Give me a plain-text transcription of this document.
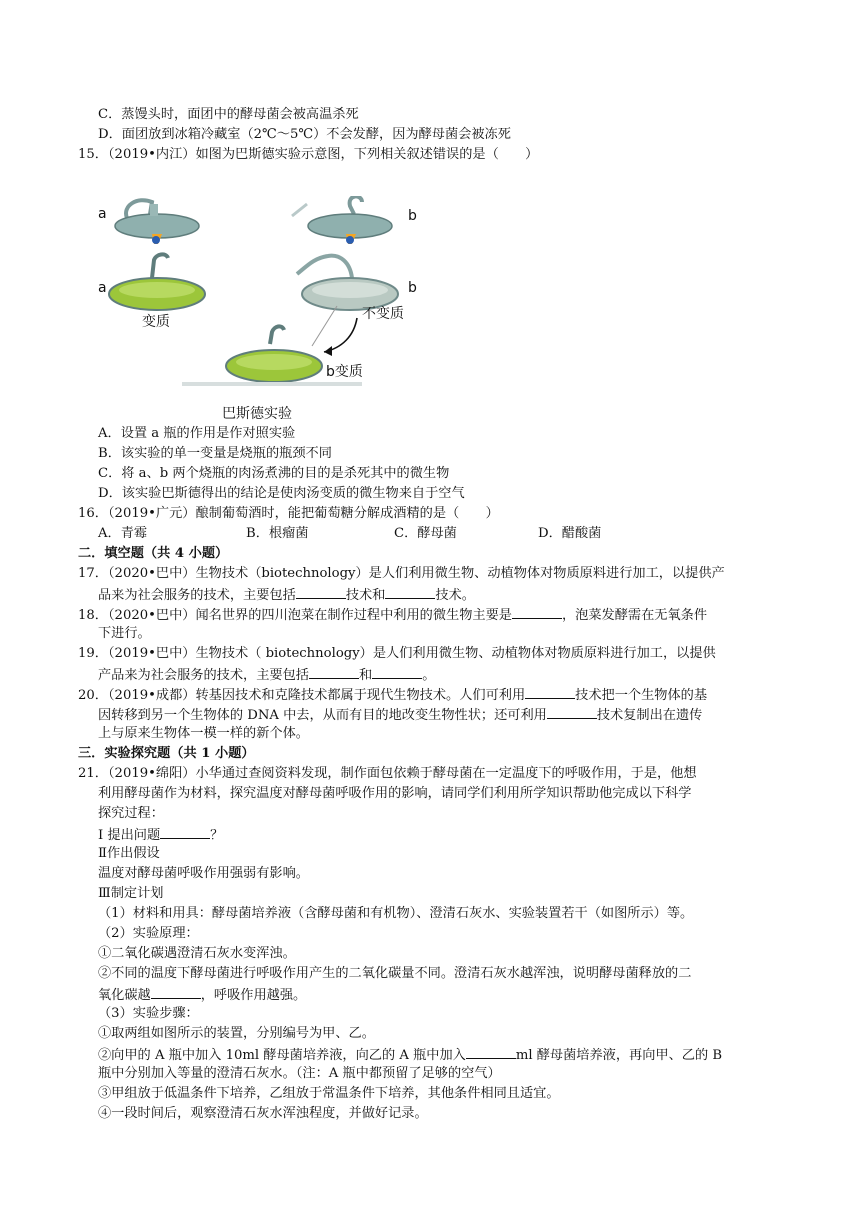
C．蒸馒头时，面团中的酵母菌会被高温杀死
D．面团放到冰箱冷藏室（2℃～5℃）不会发酵，因为酵母菌会被冻死
15．（2019•内江）如图为巴斯德实验示意图，下列相关叙述错误的是（　　）
a	b
a	b
变质	不变质
b变质
巴斯德实验
A．设置 a 瓶的作用是作对照实验
B．该实验的单一变量是烧瓶的瓶颈不同
C．将 a、b 两个烧瓶的肉汤煮沸的目的是杀死其中的微生物
D．该实验巴斯德得出的结论是使肉汤变质的微生物来自于空气
16．（2019•广元）酿制葡萄酒时，能把葡萄糖分解成酒精的是（　　）
A．青霉	B．根瘤菌	C．酵母菌	D．醋酸菌
二．填空题（共 4 小题）
17．（2020•巴中）生物技术（biotechnology）是人们利用微生物、动植物体对物质原料进行加工，以提供产
品来为社会服务的技术，主要包括	技术和	技术。
18．（2020•巴中）闻名世界的四川泡菜在制作过程中利用的微生物主要是	，泡菜发酵需在无氧条件
下进行。
19．（2019•巴中）生物技术（ biotechnology）是人们利用微生物、动植物体对物质原料进行加工，以提供
产品来为社会服务的技术，主要包括	和	。
20．（2019•成都）转基因技术和克隆技术都属于现代生物技术。人们可利用	技术把一个生物体的基
因转移到另一个生物体的 DNA 中去，从而有目的地改变生物性状；还可利用	技术复制出在遗传
上与原来生物体一模一样的新个体。
三．实验探究题（共 1 小题）
21．（2019•绵阳）小华通过查阅资料发现，制作面包依赖于酵母菌在一定温度下的呼吸作用，于是，他想
利用酵母菌作为材料，探究温度对酵母菌呼吸作用的影响，请同学们利用所学知识帮助他完成以下科学
探究过程：
I 提出问题	？
Ⅱ作出假设
温度对酵母菌呼吸作用强弱有影响。
Ⅲ制定计划
（1）材料和用具：酵母菌培养液（含酵母菌和有机物）、澄清石灰水、实验装置若干（如图所示）等。
（2）实验原理：
①二氧化碳遇澄清石灰水变浑浊。
②不同的温度下酵母菌进行呼吸作用产生的二氧化碳量不同。澄清石灰水越浑浊，说明酵母菌释放的二
氧化碳越	，呼吸作用越强。
（3）实验步骤：
①取两组如图所示的装置，分别编号为甲、乙。
②向甲的 A 瓶中加入 10ml 酵母菌培养液，向乙的 A 瓶中加入	ml 酵母菌培养液，再向甲、乙的 B
瓶中分别加入等量的澄清石灰水。（注：A 瓶中都预留了足够的空气）
③甲组放于低温条件下培养，乙组放于常温条件下培养，其他条件相同且适宜。
④一段时间后，观察澄清石灰水浑浊程度，并做好记录。
